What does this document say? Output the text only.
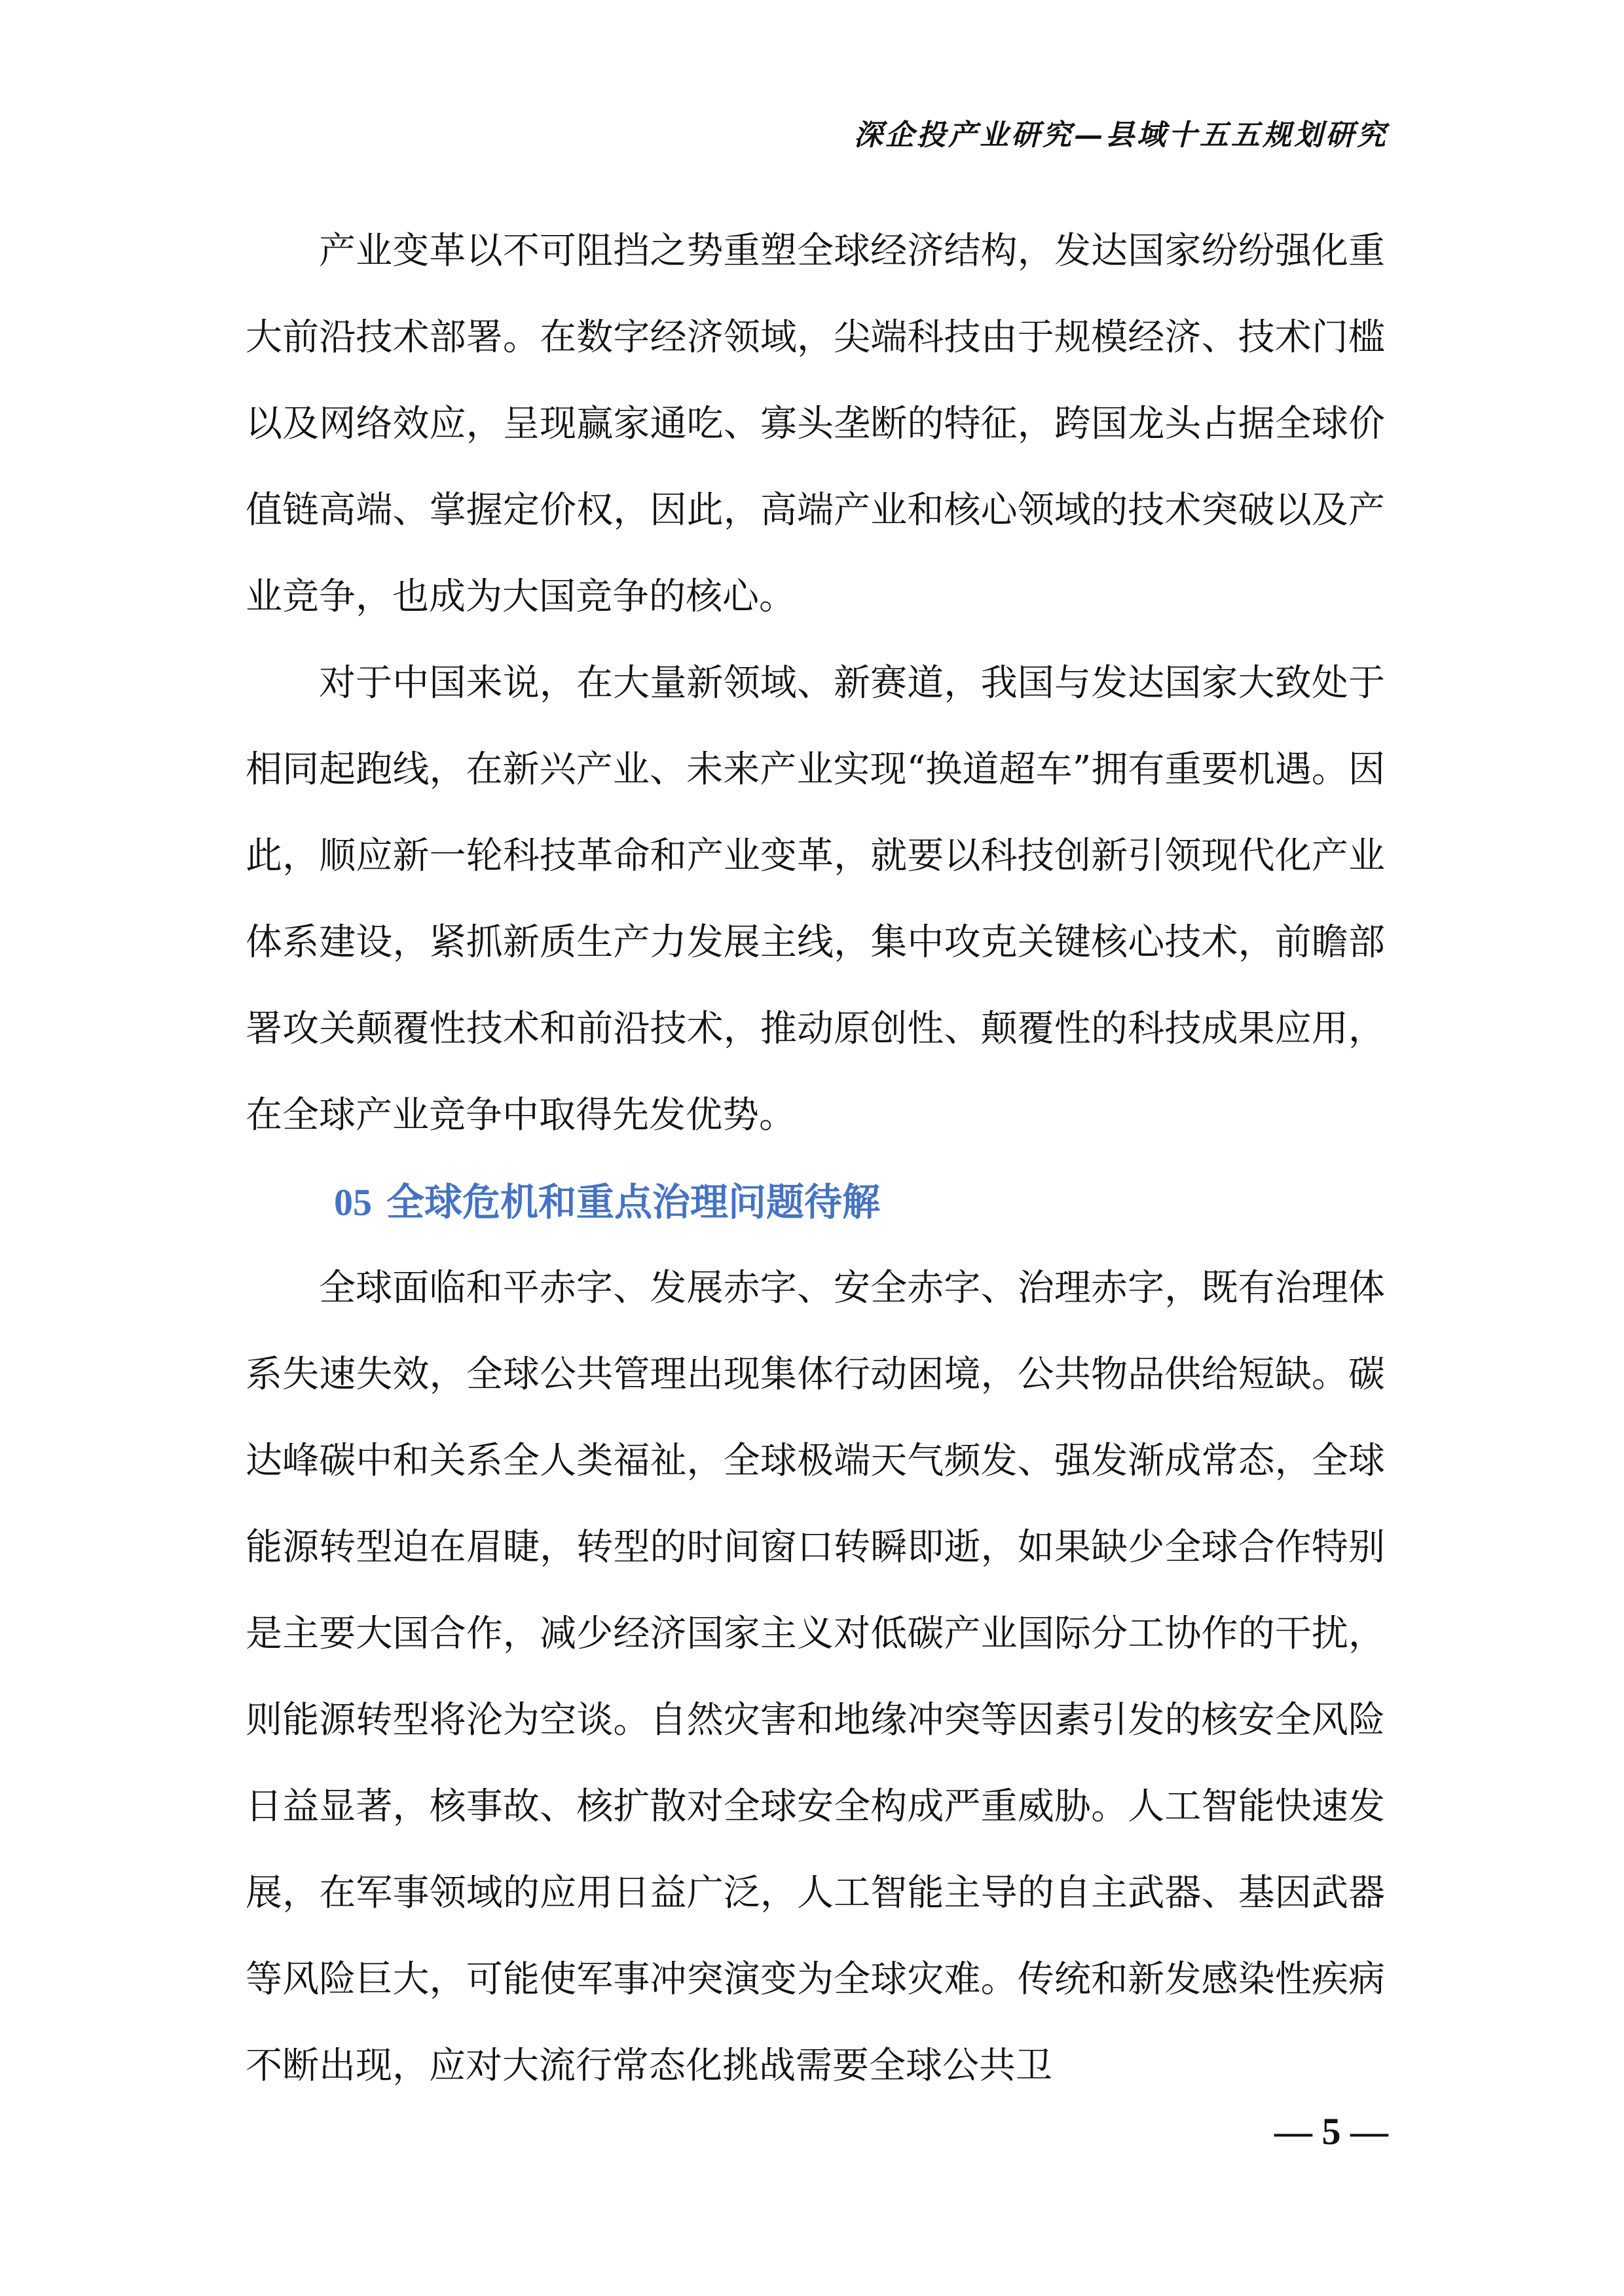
深企投产业研究—县域十五五规划研究

产业变革以不可阻挡之势重塑全球经济结构，发达国家纷纷强化重大前沿技术部署。在数字经济领域，尖端科技由于规模经济、技术门槛以及网络效应，呈现赢家通吃、寡头垄断的特征，跨国龙头占据全球价值链高端、掌握定价权，因此，高端产业和核心领域的技术突破以及产业竞争，也成为大国竞争的核心。

对于中国来说，在大量新领域、新赛道，我国与发达国家大致处于相同起跑线，在新兴产业、未来产业实现“换道超车”拥有重要机遇。因此，顺应新一轮科技革命和产业变革，就要以科技创新引领现代化产业体系建设，紧抓新质生产力发展主线，集中攻克关键核心技术，前瞻部署攻关颠覆性技术和前沿技术，推动原创性、颠覆性的科技成果应用，在全球产业竞争中取得先发优势。

05 全球危机和重点治理问题待解

全球面临和平赤字、发展赤字、安全赤字、治理赤字，既有治理体系失速失效，全球公共管理出现集体行动困境，公共物品供给短缺。碳达峰碳中和关系全人类福祉，全球极端天气频发、强发渐成常态，全球能源转型迫在眉睫，转型的时间窗口转瞬即逝，如果缺少全球合作特别是主要大国合作，减少经济国家主义对低碳产业国际分工协作的干扰，则能源转型将沦为空谈。自然灾害和地缘冲突等因素引发的核安全风险日益显著，核事故、核扩散对全球安全构成严重威胁。人工智能快速发展，在军事领域的应用日益广泛，人工智能主导的自主武器、基因武器等风险巨大，可能使军事冲突演变为全球灾难。传统和新发感染性疾病不断出现，应对大流行常态化挑战需要全球公共卫

— 5 —
